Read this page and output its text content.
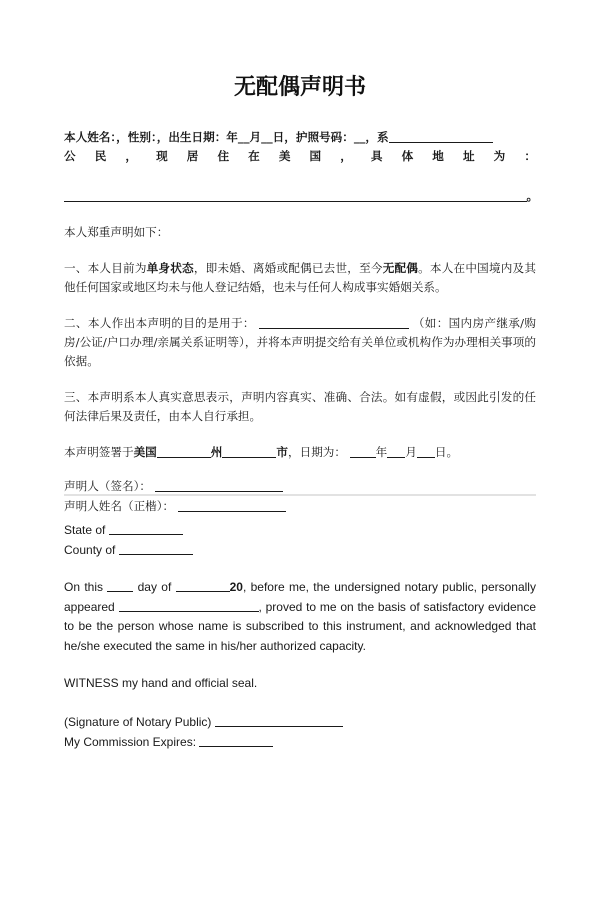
无配偶声明书
本人姓名：，性别：，出生日期：年__月__日，护照号码：__，系
公民，现居住在美国，具体地址为：
。

本人郑重声明如下：

一、本人目前为单身状态，即未婚、离婚或配偶已去世，至今无配偶。本人在中国境内及其他任何国家或地区均未与他人登记结婚，也未与任何人构成事实婚姻关系。

二、本人作出本声明的目的是用于：	（如：国内房产继承/购房/公证/户口办理/亲属关系证明等），并将本声明提交给有关单位或机构作为办理相关事项的依据。

三、本声明系本人真实意思表示，声明内容真实、准确、合法。如有虚假，或因此引发的任何法律后果及责任，由本人自行承担。

本声明签署于美国	州	市，日期为：	年 月 日。

声明人（签名）：

声明人姓名（正楷）：

State of
County of

On this	day of	20, before me, the undersigned notary public, personally appeared	, proved to me on the basis of satisfactory evidence to be the person whose name is subscribed to this instrument, and acknowledged that he/she executed the same in his/her authorized capacity.

WITNESS my hand and official seal.

(Signature of Notary Public)

My Commission Expires:
